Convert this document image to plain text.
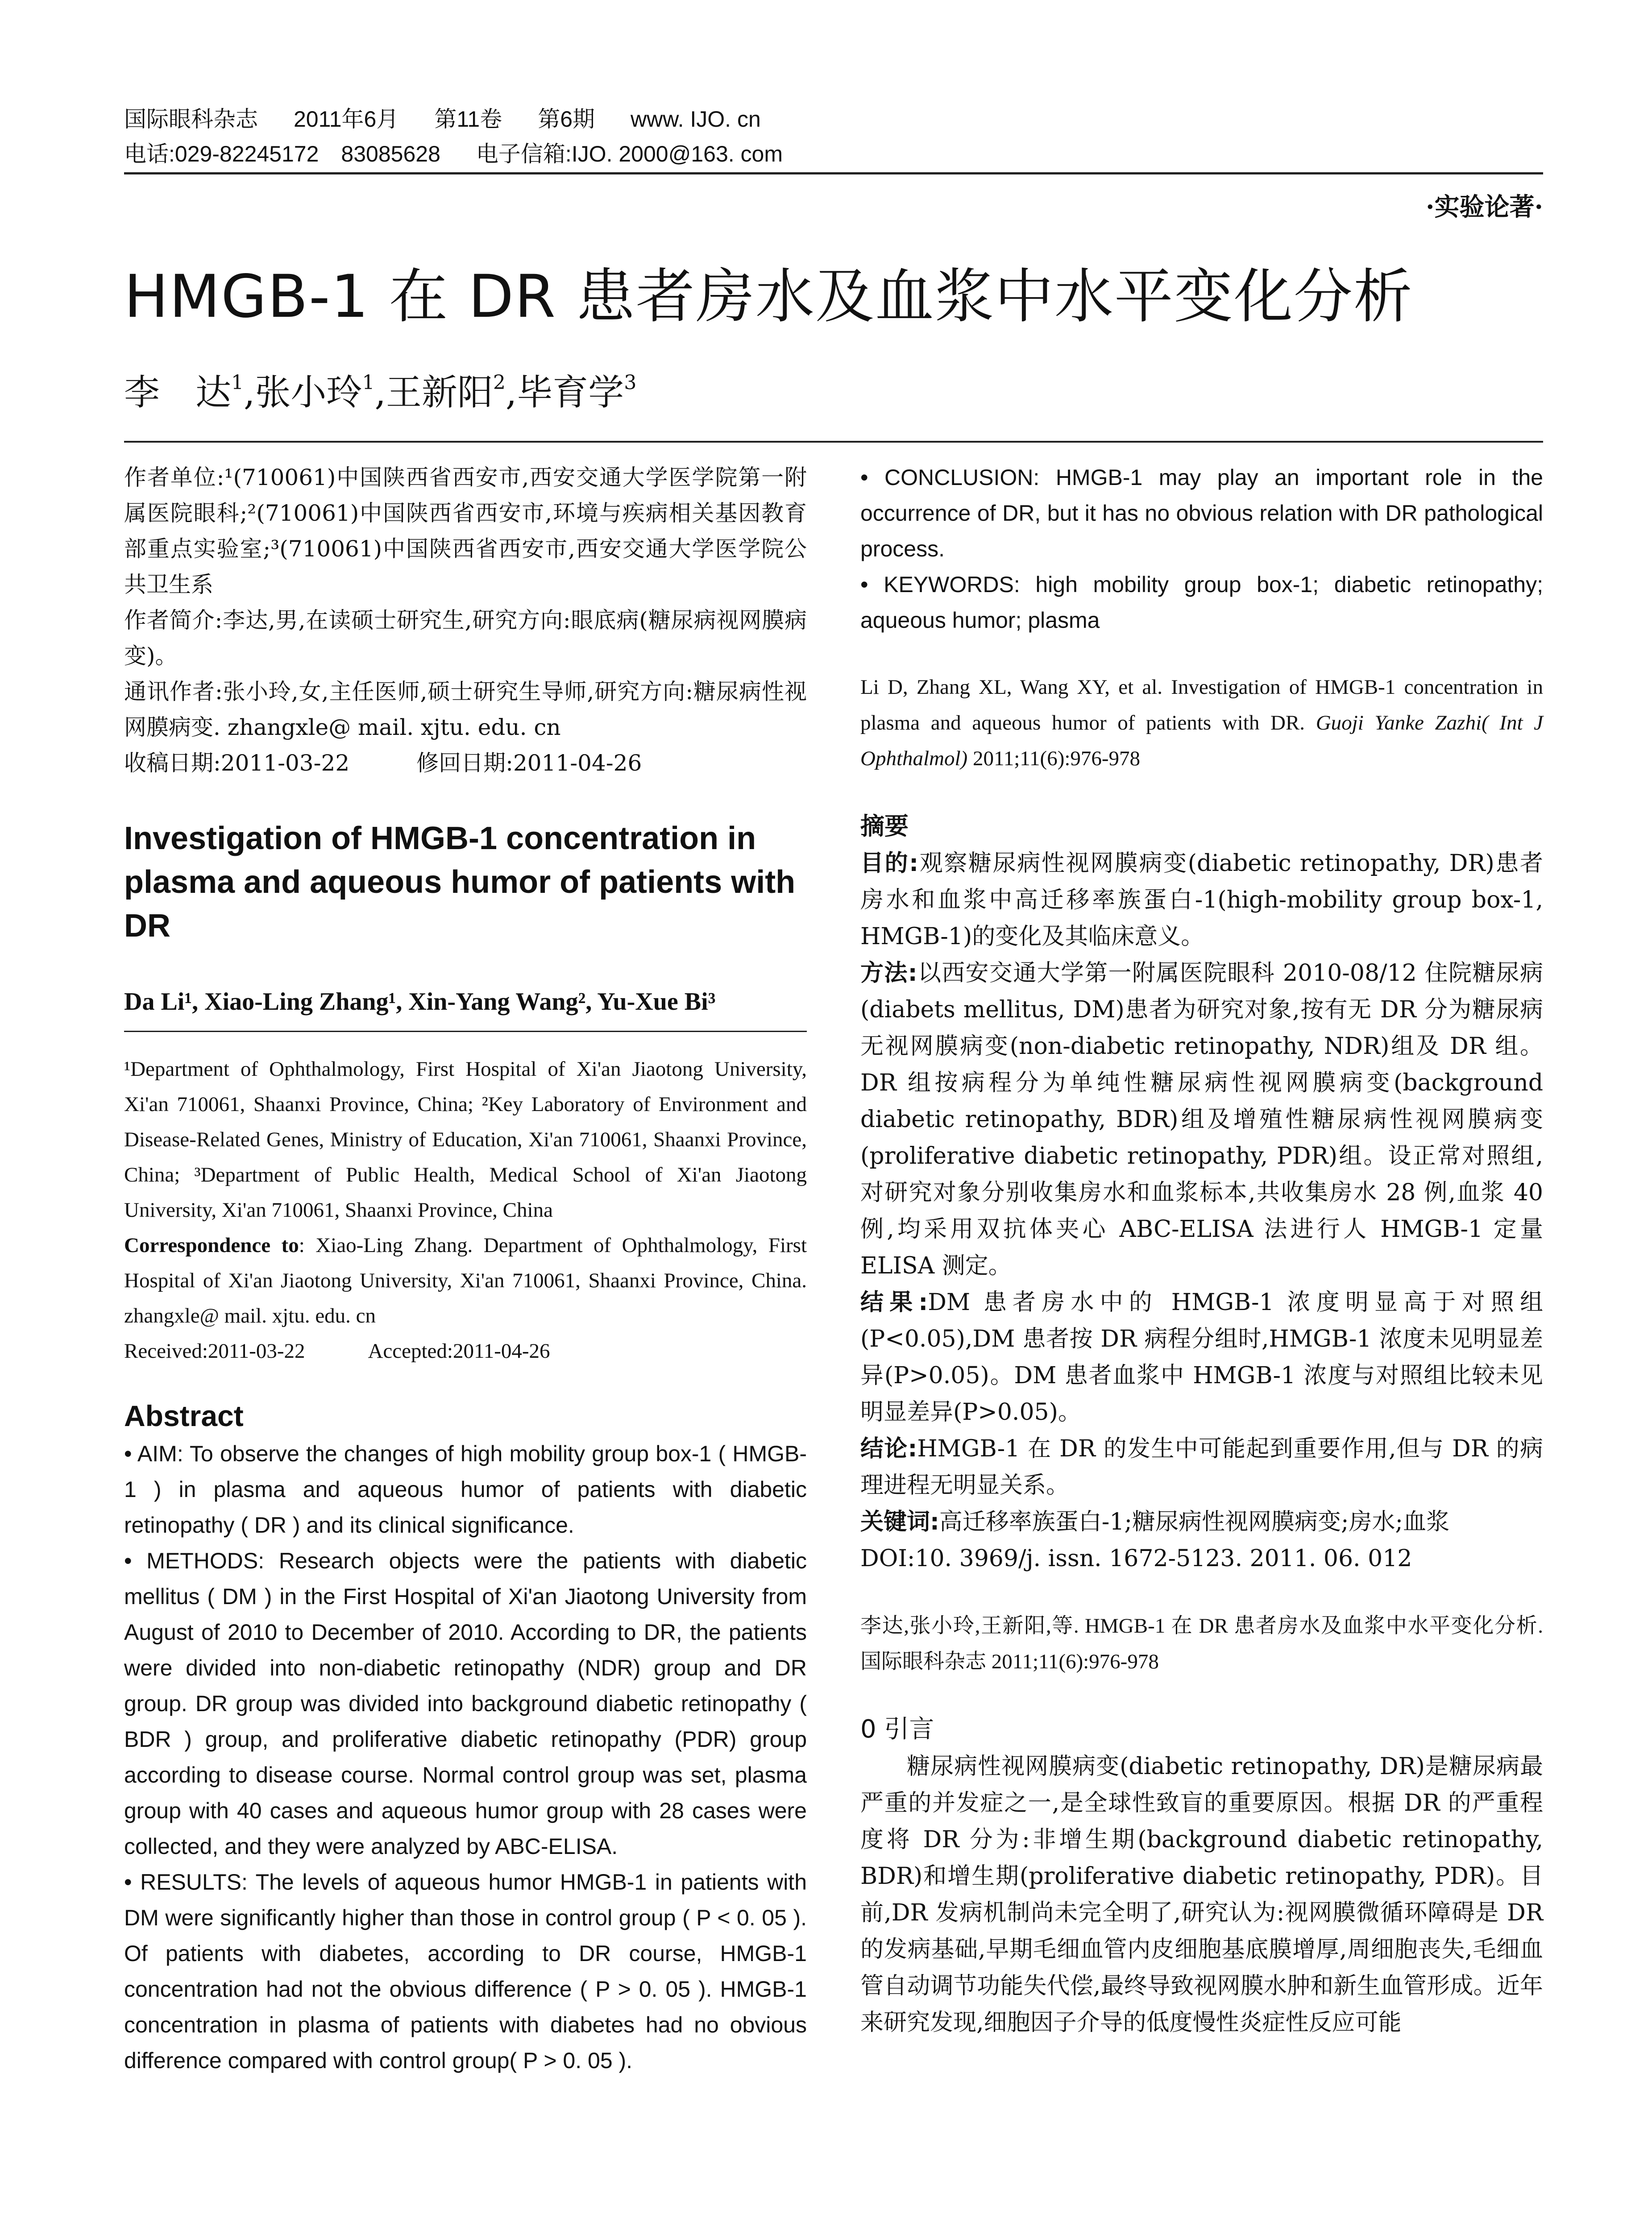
国际眼科杂志 2011年6月 第11卷 第6期 www. IJO. cn
电话:029-82245172　83085628 电子信箱:IJO. 2000@163. com
·实验论著·
HMGB-1 在 DR 患者房水及血浆中水平变化分析
李　达$^1$,张小玲$^1$,王新阳$^2$,毕育学$^3$

作者单位:¹(710061)中国陕西省西安市,西安交通大学医学院第一附属医院眼科;²(710061)中国陕西省西安市,环境与疾病相关基因教育部重点实验室;³(710061)中国陕西省西安市,西安交通大学医学院公共卫生系

作者简介:李达,男,在读硕士研究生,研究方向:眼底病(糖尿病视网膜病变)。

通讯作者:张小玲,女,主任医师,硕士研究生导师,研究方向:糖尿病性视网膜病变. zhangxle@ mail. xjtu. edu. cn

收稿日期:2011-03-22　　　	修回日期:2011-04-26

Investigation of HMGB-1 concentration in plasma and aqueous humor of patients with DR
Da Li¹, Xiao-Ling Zhang¹, Xin-Yang Wang², Yu-Xue Bi³

¹Department of Ophthalmology, First Hospital of Xi'an Jiaotong University, Xi'an 710061, Shaanxi Province, China; ²Key Laboratory of Environment and Disease-Related Genes, Ministry of Education, Xi'an 710061, Shaanxi Province, China; ³Department of Public Health, Medical School of Xi'an Jiaotong University, Xi'an 710061, Shaanxi Province, China

Correspondence to: Xiao-Ling Zhang. Department of Ophthalmology, First Hospital of Xi'an Jiaotong University, Xi'an 710061, Shaanxi Province, China. zhangxle@ mail. xjtu. edu. cn

Received:2011-03-22　　　	Accepted:2011-04-26

Abstract

• AIM: To observe the changes of high mobility group box-1 ( HMGB-1 ) in plasma and aqueous humor of patients with diabetic retinopathy ( DR ) and its clinical significance.

• METHODS: Research objects were the patients with diabetic mellitus ( DM ) in the First Hospital of Xi'an Jiaotong University from August of 2010 to December of 2010. According to DR, the patients were divided into non-diabetic retinopathy (NDR) group and DR group. DR group was divided into background diabetic retinopathy ( BDR ) group, and proliferative diabetic retinopathy (PDR) group according to disease course. Normal control group was set, plasma group with 40 cases and aqueous humor group with 28 cases were collected, and they were analyzed by ABC-ELISA.

• RESULTS: The levels of aqueous humor HMGB-1 in patients with DM were significantly higher than those in control group ( P < 0. 05 ). Of patients with diabetes, according to DR course, HMGB-1 concentration had not the obvious difference ( P > 0. 05 ). HMGB-1 concentration in plasma of patients with diabetes had no obvious difference compared with control group( P > 0. 05 ).

• CONCLUSION: HMGB-1 may play an important role in the occurrence of DR, but it has no obvious relation with DR pathological process.

• KEYWORDS: high mobility group box-1; diabetic retinopathy; aqueous humor; plasma

Li D, Zhang XL, Wang XY, et al. Investigation of HMGB-1 concentration in plasma and aqueous humor of patients with DR. Guoji Yanke Zazhi( Int J Ophthalmol) 2011;11(6):976-978

摘要

目的:观察糖尿病性视网膜病变(diabetic retinopathy, DR)患者房水和血浆中高迁移率族蛋白-1(high-mobility group box-1, HMGB-1)的变化及其临床意义。

方法:以西安交通大学第一附属医院眼科 2010-08/12 住院糖尿病(diabets mellitus, DM)患者为研究对象,按有无 DR 分为糖尿病无视网膜病变(non-diabetic retinopathy, NDR)组及 DR 组。DR 组按病程分为单纯性糖尿病性视网膜病变(background diabetic retinopathy, BDR)组及增殖性糖尿病性视网膜病变(proliferative diabetic retinopathy, PDR)组。设正常对照组,对研究对象分别收集房水和血浆标本,共收集房水 28 例,血浆 40 例,均采用双抗体夹心 ABC-ELISA 法进行人 HMGB-1 定量 ELISA 测定。

结果:DM 患者房水中的 HMGB-1 浓度明显高于对照组(P<0.05),DM 患者按 DR 病程分组时,HMGB-1 浓度未见明显差异(P>0.05)。DM 患者血浆中 HMGB-1 浓度与对照组比较未见明显差异(P>0.05)。

结论:HMGB-1 在 DR 的发生中可能起到重要作用,但与 DR 的病理进程无明显关系。

关键词:高迁移率族蛋白-1;糖尿病性视网膜病变;房水;血浆

DOI:10. 3969/j. issn. 1672-5123. 2011. 06. 012

李达,张小玲,王新阳,等. HMGB-1 在 DR 患者房水及血浆中水平变化分析. 国际眼科杂志 2011;11(6):976-978

0 引言

糖尿病性视网膜病变(diabetic retinopathy, DR)是糖尿病最严重的并发症之一,是全球性致盲的重要原因。根据 DR 的严重程度将 DR 分为:非增生期(background diabetic retinopathy, BDR)和增生期(proliferative diabetic retinopathy, PDR)。目前,DR 发病机制尚未完全明了,研究认为:视网膜微循环障碍是 DR 的发病基础,早期毛细血管内皮细胞基底膜增厚,周细胞丧失,毛细血管自动调节功能失代偿,最终导致视网膜水肿和新生血管形成。近年来研究发现,细胞因子介导的低度慢性炎症性反应可能
